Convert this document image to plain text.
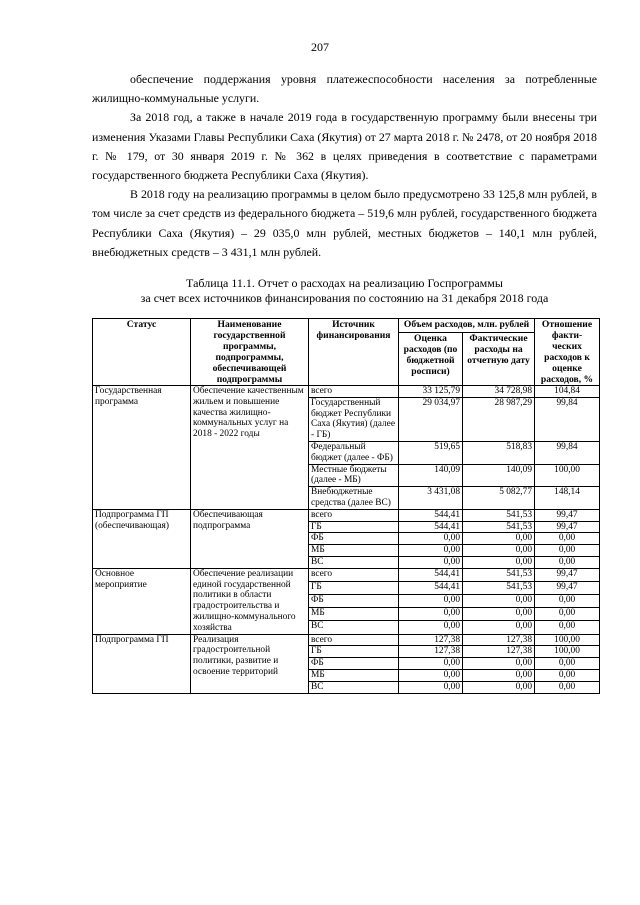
207

обеспечение поддержания уровня платежеспособности населения за потребленные жилищно-коммунальные услуги.

За 2018 год, а также в начале 2019 года в государственную программу были внесены три изменения Указами Главы Республики Саха (Якутия) от 27 марта 2018 г. № 2478, от 20 ноября 2018 г. № 179, от 30 января 2019 г. № 362 в целях приведения в соответствие с параметрами государственного бюджета Республики Саха (Якутия).

В 2018 году на реализацию программы в целом было предусмотрено 33 125,8 млн рублей, в том числе за счет средств из федерального бюджета – 519,6 млн рублей, государственного бюджета Республики Саха (Якутия) – 29 035,0 млн рублей, местных бюджетов – 140,1 млн рублей, внебюджетных средств – 3 431,1 млн рублей.

Таблица 11.1. Отчет о расходах на реализацию Госпрограммы
за счет всех источников финансирования по состоянию на 31 декабря 2018 года
Статус	Наименование государственной программы, подпрограммы, обеспечивающей подпрограммы	Источник финансирования	Объем расходов, млн. рублей		Отношение факти-ческих расходов к оценке расходов, %
			Оценка расходов (по бюджетной росписи)	Фактические расходы на отчетную дату	
Государственная программа	Обеспечение качественным жильем и повышение качества жилищно-коммунальных услуг на 2018 - 2022 годы	всего	33 125,79	34 728,98	104,84
		Государственный бюджет Республики Саха (Якутия) (далее - ГБ)	29 034,97	28 987,29	99,84
		Федеральный бюджет (далее - ФБ)	519,65	518,83	99,84
		Местные бюджеты (далее - МБ)	140,09	140,09	100,00
		Внебюджетные средства (далее ВС)	3 431,08	5 082,77	148,14
Подпрограмма ГП (обеспечивающая)	Обеспечивающая подпрограмма	всего	544,41	541,53	99,47
		ГБ	544,41	541,53	99,47
		ФБ	0,00	0,00	0,00
		МБ	0,00	0,00	0,00
		ВС	0,00	0,00	0,00
Основное мероприятие	Обеспечение реализации единой государственной политики в области градостроительства и жилищно-коммунального хозяйства	всего	544,41	541,53	99,47
		ГБ	544,41	541,53	99,47
		ФБ	0,00	0,00	0,00
		МБ	0,00	0,00	0,00
		ВС	0,00	0,00	0,00
Подпрограмма ГП	Реализация градостроительной политики, развитие и освоение территорий	всего	127,38	127,38	100,00
		ГБ	127,38	127,38	100,00
		ФБ	0,00	0,00	0,00
		МБ	0,00	0,00	0,00
		ВС	0,00	0,00	0,00
